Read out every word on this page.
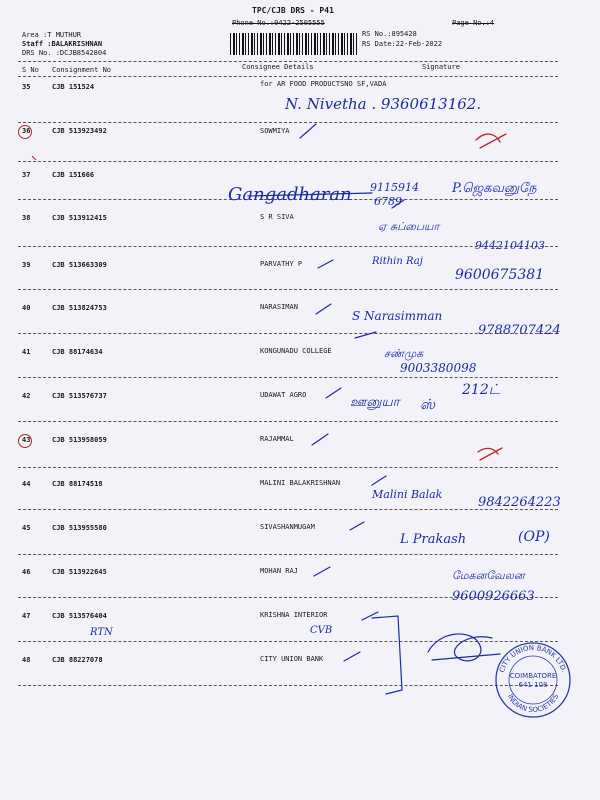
TPC/CJB DRS - P41
Phone No.:0422-2505555	Page No.:4
Area :T MUTHUR
Staff :BALAKRISHNAN
DRS No. :DCJB8542804
RS No.:895428
RS Date:22-Feb-2022
S No Consignment No	Consignee Details	Signature
35	CJB 151524	for AR FOOD PRODUCTSNO SF,VADA
36	CJB 513923492	SOWMIYA
37	CJB 151666
38	CJB 513912415	S R SIVA
39	CJB 513663309	PARVATHY P
40	CJB 513824753	NARASIMAN
41	CJB 88174634	KONGUNADU COLLEGE
42	CJB 513576737	UDAWAT AGRO
43	CJB 513958059	RAJAMMAL
44	CJB 88174518	MALINI BALAKRISHNAN
45	CJB 513955580	SIVASHANMUGAM
46	CJB 513922645	MOHAN RAJ
47	CJB 513576404	KRISHNA INTERIOR
48	CJB 88227078	CITY UNION BANK
N. Nivetha . 9360613162.
Gangadharan 9115914
6789
P.ஜெகவனுநே
ஏ சுப்பையா
9442104103
Rithin Raj
9600675381
S Narasimman
9788707424
சண்முக
9003380098
ஊனுயா ஸ்
212ட்
Malini Balak
9842264223
L Prakash	(OP)
மேகனவேலன
9600926663
RTN	CVB
CITY UNION BANK LTD.
COIMBATORE
641 108
INDIAN SOCIETIES
